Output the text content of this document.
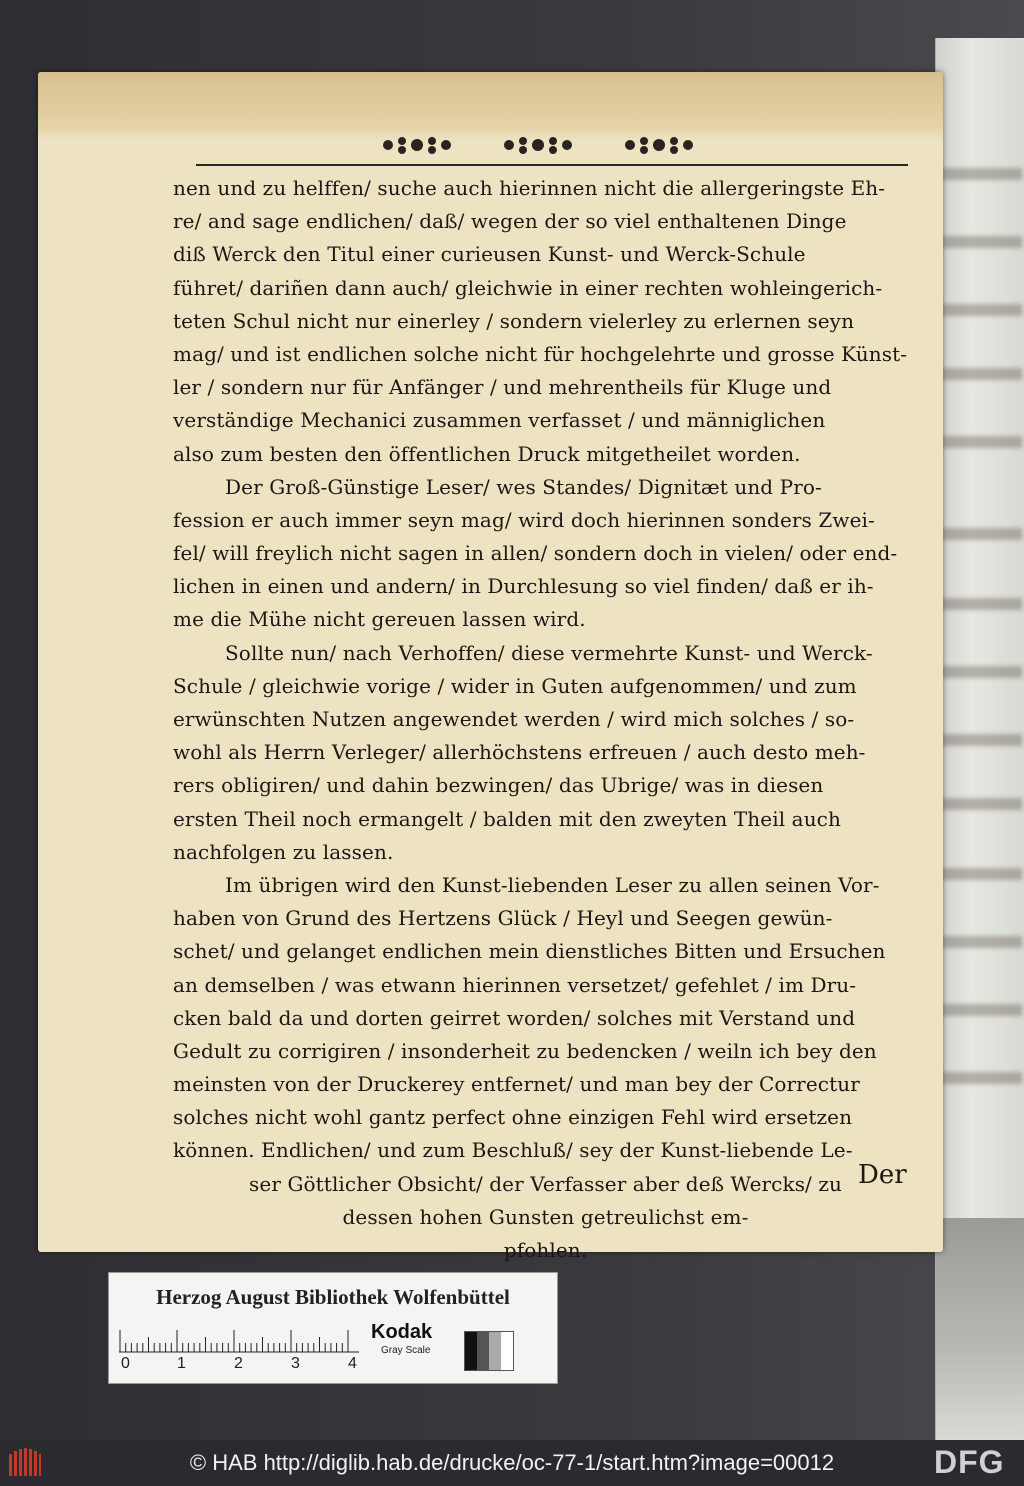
nen und zu helffen/ suche auch hierinnen nicht die allergeringste Eh-
re/ and sage endlichen/ daß/ wegen der so viel enthaltenen Dinge
diß Werck den Titul einer curieusen Kunst- und Werck-Schule
führet/ dariñen dann auch/ gleichwie in einer rechten wohleingerich-
teten Schul nicht nur einerley / sondern vielerley zu erlernen seyn
mag/ und ist endlichen solche nicht für hochgelehrte und grosse Künst-
ler / sondern nur für Anfänger / und mehrentheils für Kluge und
verständige Mechanici zusammen verfasset / und männiglichen
also zum besten den öffentlichen Druck mitgetheilet worden.
Der Groß-Günstige Leser/ wes Standes/ Dignitæt und Pro-
fession er auch immer seyn mag/ wird doch hierinnen sonders Zwei-
fel/ will freylich nicht sagen in allen/ sondern doch in vielen/ oder end-
lichen in einen und andern/ in Durchlesung so viel finden/ daß er ih-
me die Mühe nicht gereuen lassen wird.
Sollte nun/ nach Verhoffen/ diese vermehrte Kunst- und Werck-
Schule / gleichwie vorige / wider in Guten aufgenommen/ und zum
erwünschten Nutzen angewendet werden / wird mich solches / so-
wohl als Herrn Verleger/ allerhöchstens erfreuen / auch desto meh-
rers obligiren/ und dahin bezwingen/ das Ubrige/ was in diesen
ersten Theil noch ermangelt / balden mit den zweyten Theil auch
nachfolgen zu lassen.
Im übrigen wird den Kunst-liebenden Leser zu allen seinen Vor-
haben von Grund des Hertzens Glück / Heyl und Seegen gewün-
schet/ und gelanget endlichen mein dienstliches Bitten und Ersuchen
an demselben / was etwann hierinnen versetzet/ gefehlet / im Dru-
cken bald da und dorten geirret worden/ solches mit Verstand und
Gedult zu corrigiren / insonderheit zu bedencken / weiln ich bey den
meinsten von der Druckerey entfernet/ und man bey der Correctur
solches nicht wohl gantz perfect ohne einzigen Fehl wird ersetzen
können. Endlichen/ und zum Beschluß/ sey der Kunst-liebende Le-
ser Göttlicher Obsicht/ der Verfasser aber deß Wercks/ zu
dessen hohen Gunsten getreulichst em-
pfohlen.
Der
Herzog August Bibliothek Wolfenbüttel
0	1	2	3	4
Kodak
Gray Scale
© HAB http://diglib.hab.de/drucke/oc-77-1/start.htm?image=00012	DFG
